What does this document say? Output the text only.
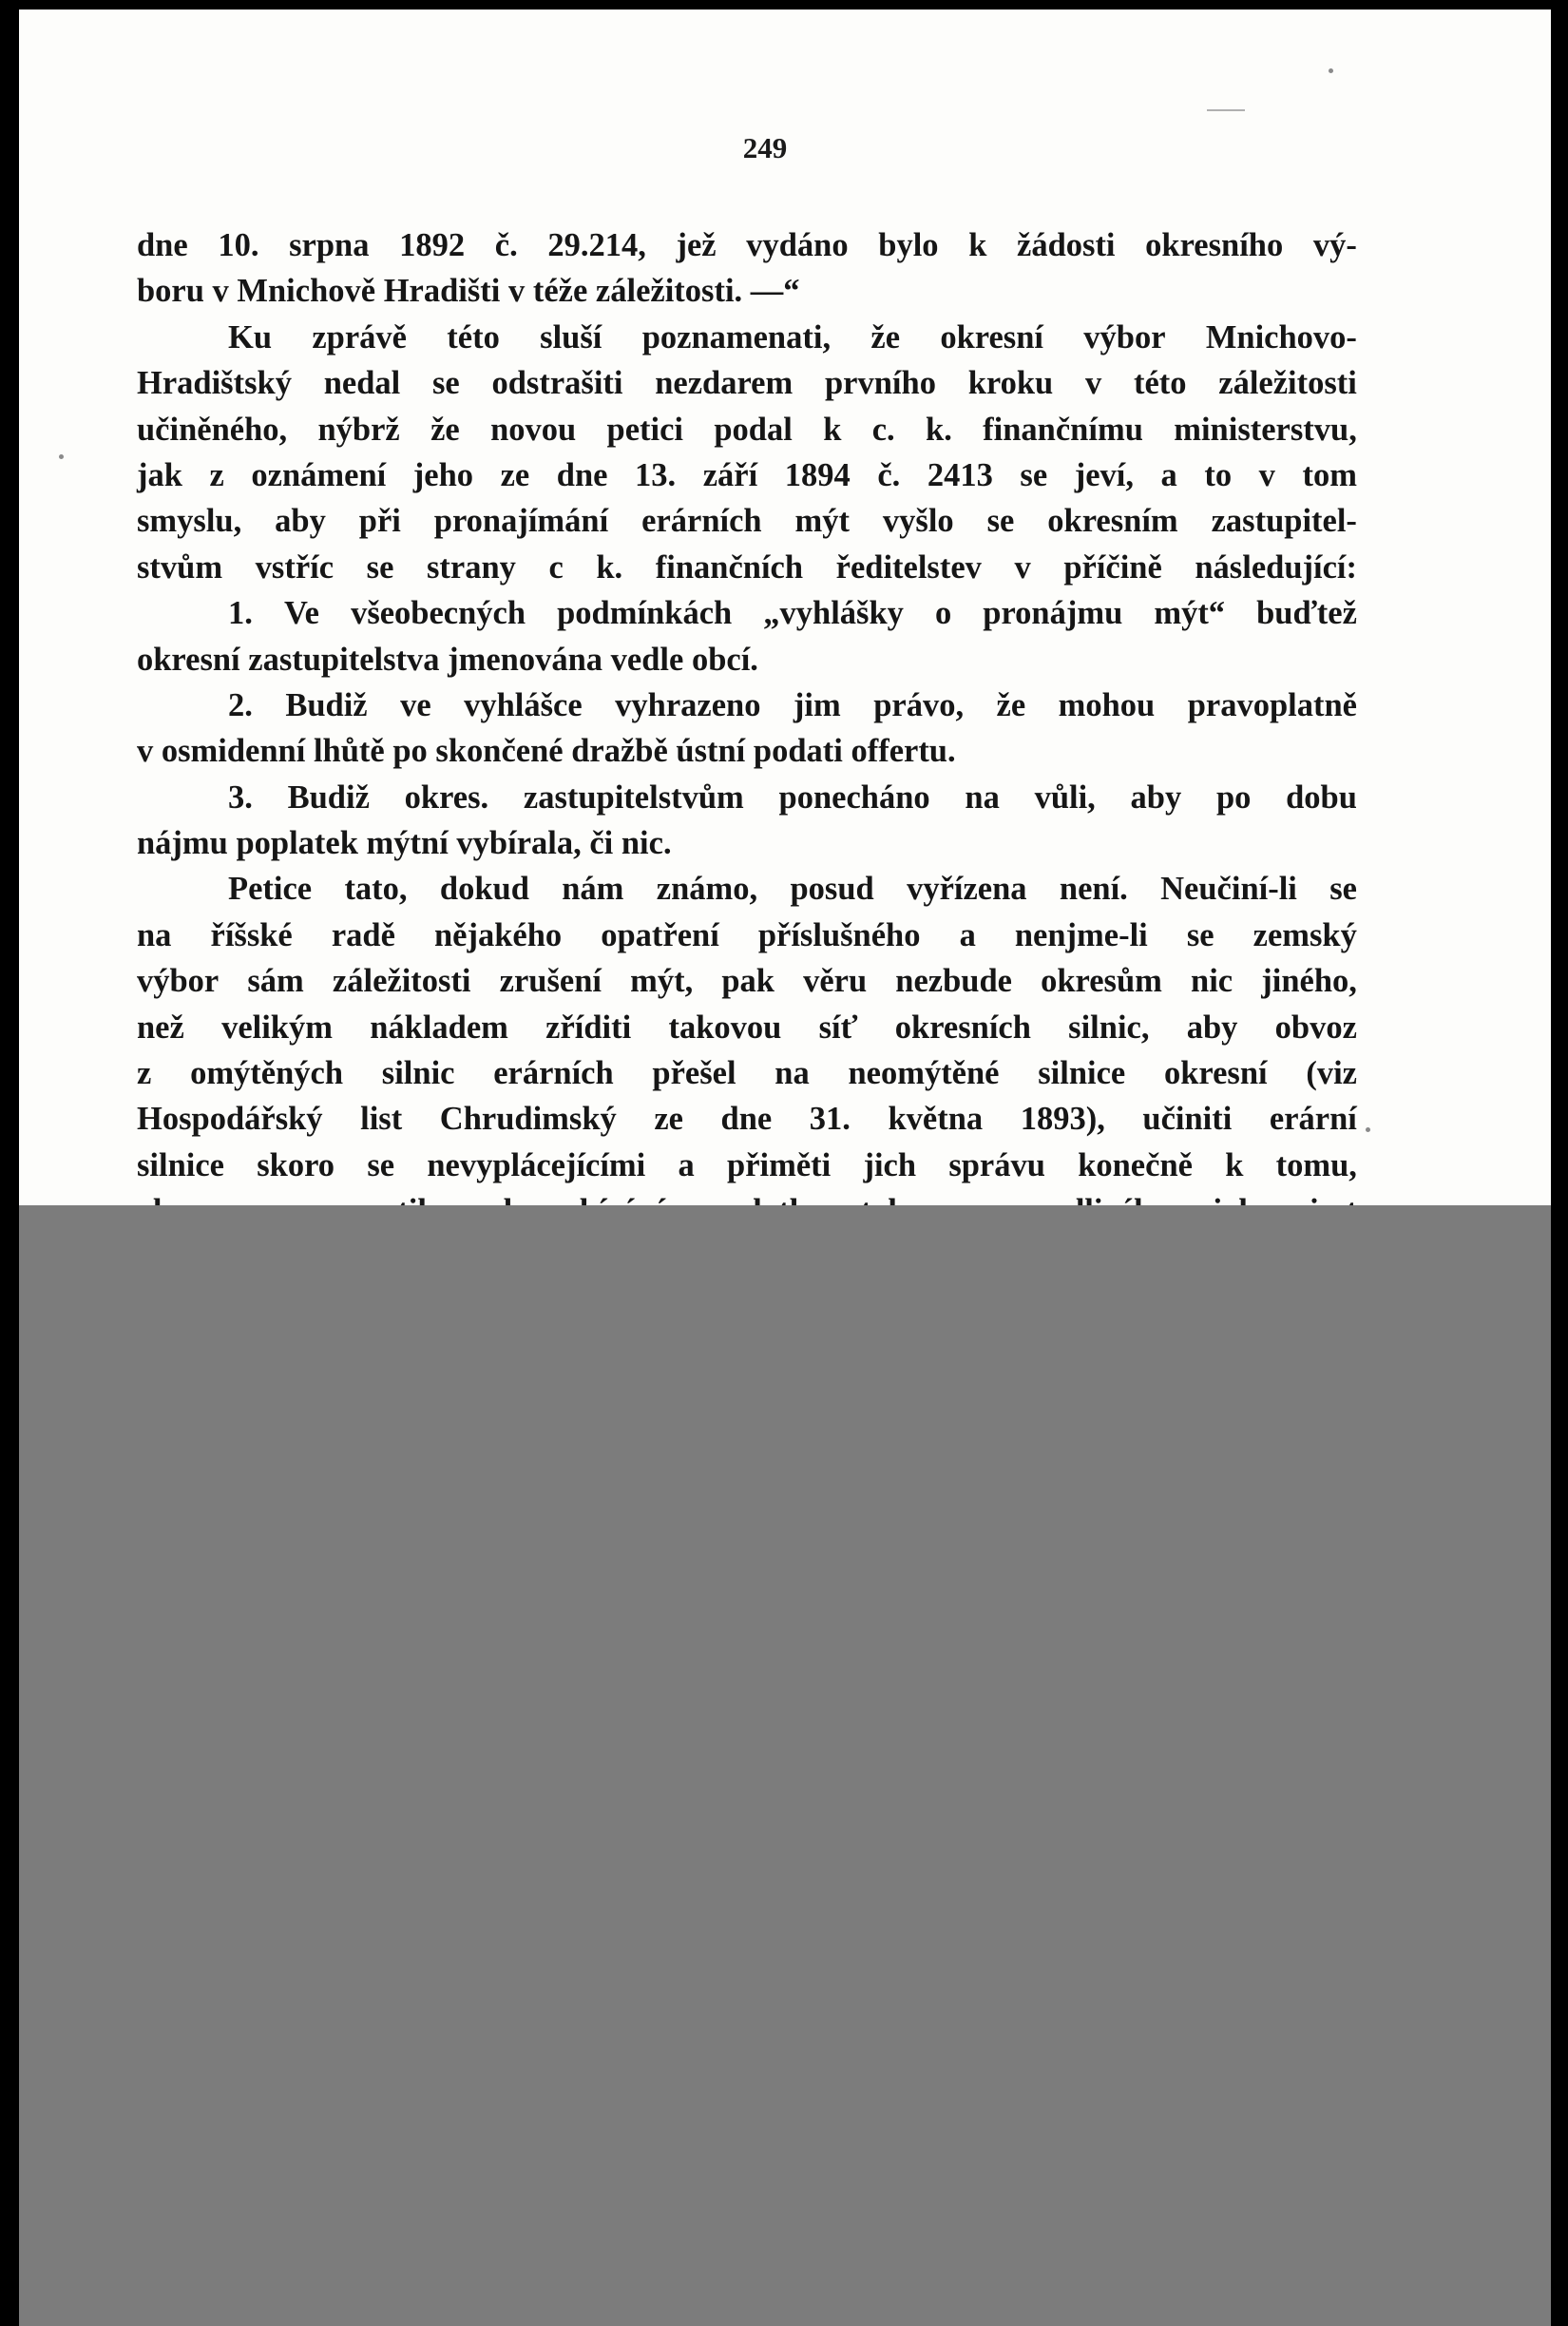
249
dne 10. srpna 1892 č. 29.214, jež vydáno bylo k žádosti okresního vý-
boru v Mnichově Hradišti v téže záležitosti. —“
Ku zprávě této sluší poznamenati, že okresní výbor Mnichovo-
Hradištský nedal se odstrašiti nezdarem prvního kroku v této záležitosti
učiněného, nýbrž že novou petici podal k c. k. finančnímu ministerstvu,
jak z oznámení jeho ze dne 13. září 1894 č. 2413 se jeví, a to v tom
smyslu, aby při pronajímání erárních mýt vyšlo se okresním zastupitel-
stvům vstříc se strany c k. finančních ředitelstev v příčině následující:
1. Ve všeobecných podmínkách „vyhlášky o pronájmu mýt“ buďtež
okresní zastupitelstva jmenována vedle obcí.
2. Budiž ve vyhlášce vyhrazeno jim právo, že mohou pravoplatně
v osmidenní lhůtě po skončené dražbě ústní podati offertu.
3. Budiž okres. zastupitelstvům ponecháno na vůli, aby po dobu
nájmu poplatek mýtní vybírala, či nic.
Petice tato, dokud nám známo, posud vyřízena není. Neučiní-li se
na říšské radě nějakého opatření příslušného a nenjme-li se zemský
výbor sám záležitosti zrušení mýt, pak věru nezbude okresům nic jiného,
než velikým nákladem zříditi takovou síť okresních silnic, aby obvoz
z omýtěných silnic erárních přešel na neomýtěné silnice okresní (viz
Hospodářský list Chrudimský ze dne 31. května 1893), učiniti erární
silnice skoro se nevyplácejícími a přiměti jich správu konečně k tomu,
